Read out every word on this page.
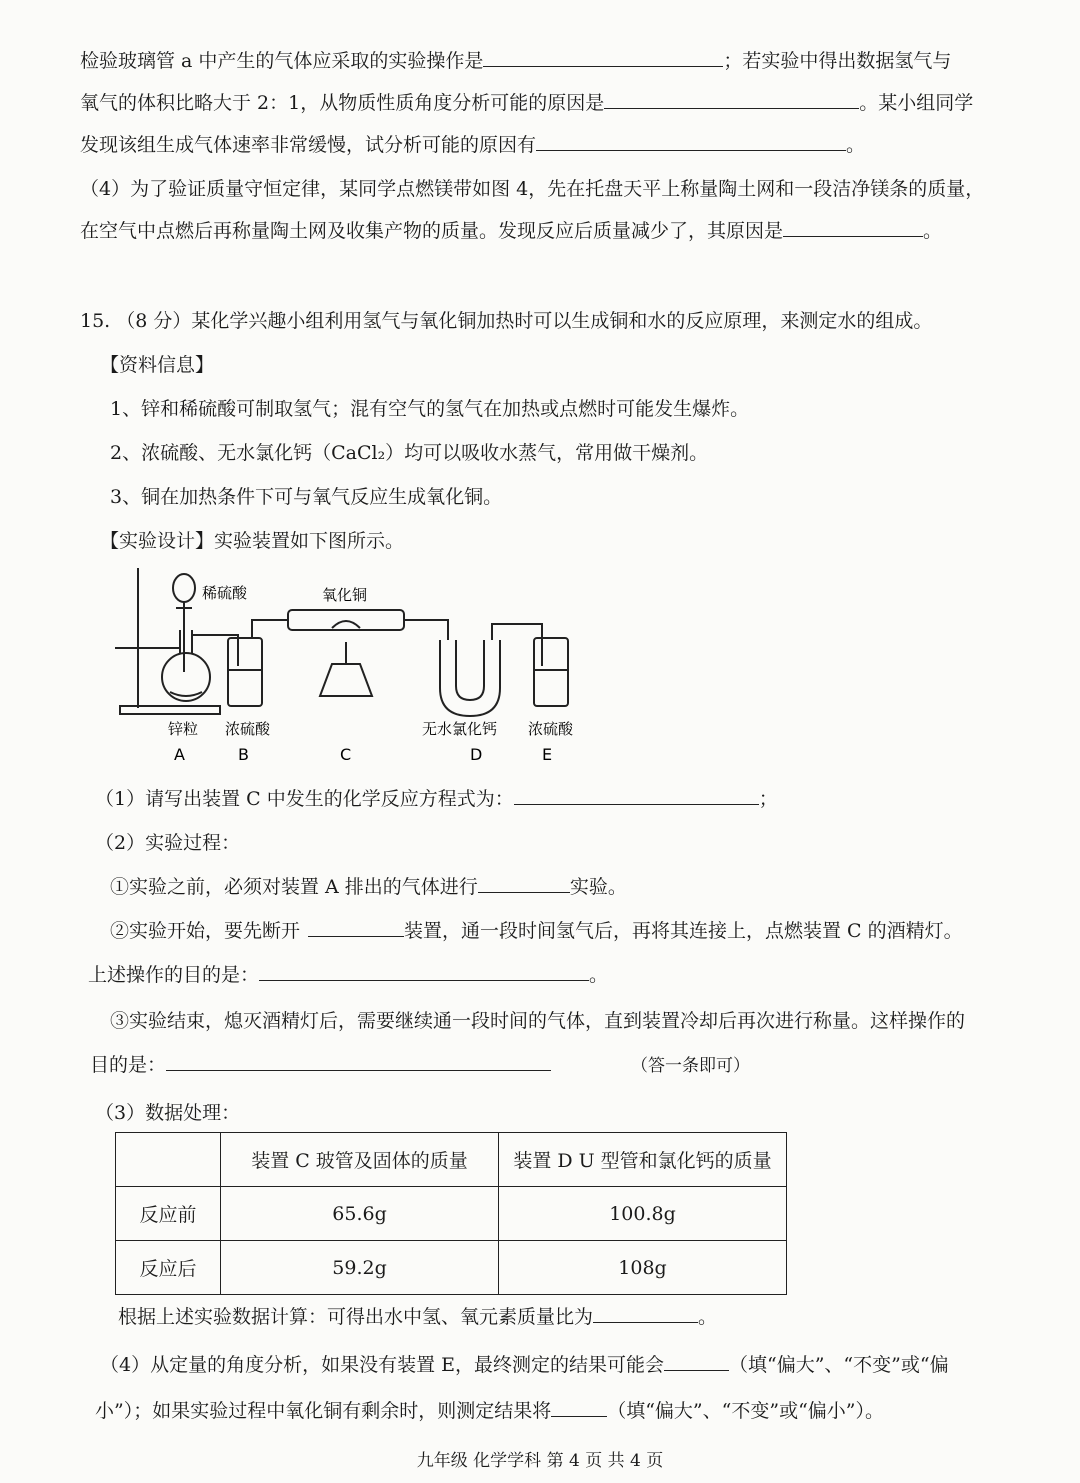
检验玻璃管 a 中产生的气体应采取的实验操作是	；若实验中得出数据氢气与
氧气的体积比略大于 2：1，从物质性质角度分析可能的原因是	。某小组同学
发现该组生成气体速率非常缓慢，试分析可能的原因有	。
（4）为了验证质量守恒定律，某同学点燃镁带如图 4，先在托盘天平上称量陶土网和一段洁净镁条的质量，
在空气中点燃后再称量陶土网及收集产物的质量。发现反应后质量减少了，其原因是	。
15. （8 分）某化学兴趣小组利用氢气与氧化铜加热时可以生成铜和水的反应原理，来测定水的组成。
【资料信息】
1、锌和稀硫酸可制取氢气；混有空气的氢气在加热或点燃时可能发生爆炸。
2、浓硫酸、无水氯化钙（CaCl₂）均可以吸收水蒸气，常用做干燥剂。
3、铜在加热条件下可与氧气反应生成氧化铜。
【实验设计】实验装置如下图所示。
稀硫酸	氧化铜
锌粒 浓硫酸	无水氯化钙 浓硫酸
A	B	C	D	E
（1）请写出装置 C 中发生的化学反应方程式为：	；
（2）实验过程：
①实验之前，必须对装置 A 排出的气体进行	实验。
②实验开始，要先断开	装置，通一段时间氢气后，再将其连接上，点燃装置 C 的酒精灯。
上述操作的目的是：	。
③实验结束，熄灭酒精灯后，需要继续通一段时间的气体，直到装置冷却后再次进行称量。这样操作的
目的是：	（答一条即可）
（3）数据处理：
	装置 C 玻管及固体的质量	装置 D U 型管和氯化钙的质量
反应前	65.6g	100.8g
反应后	59.2g	108g
根据上述实验数据计算：可得出水中氢、氧元素质量比为	。
（4）从定量的角度分析，如果没有装置 E，最终测定的结果可能会	（填“偏大”、“不变”或“偏
小”）；如果实验过程中氧化铜有剩余时，则测定结果将	（填“偏大”、“不变”或“偏小”）。
九年级 化学学科 第 4 页 共 4 页
